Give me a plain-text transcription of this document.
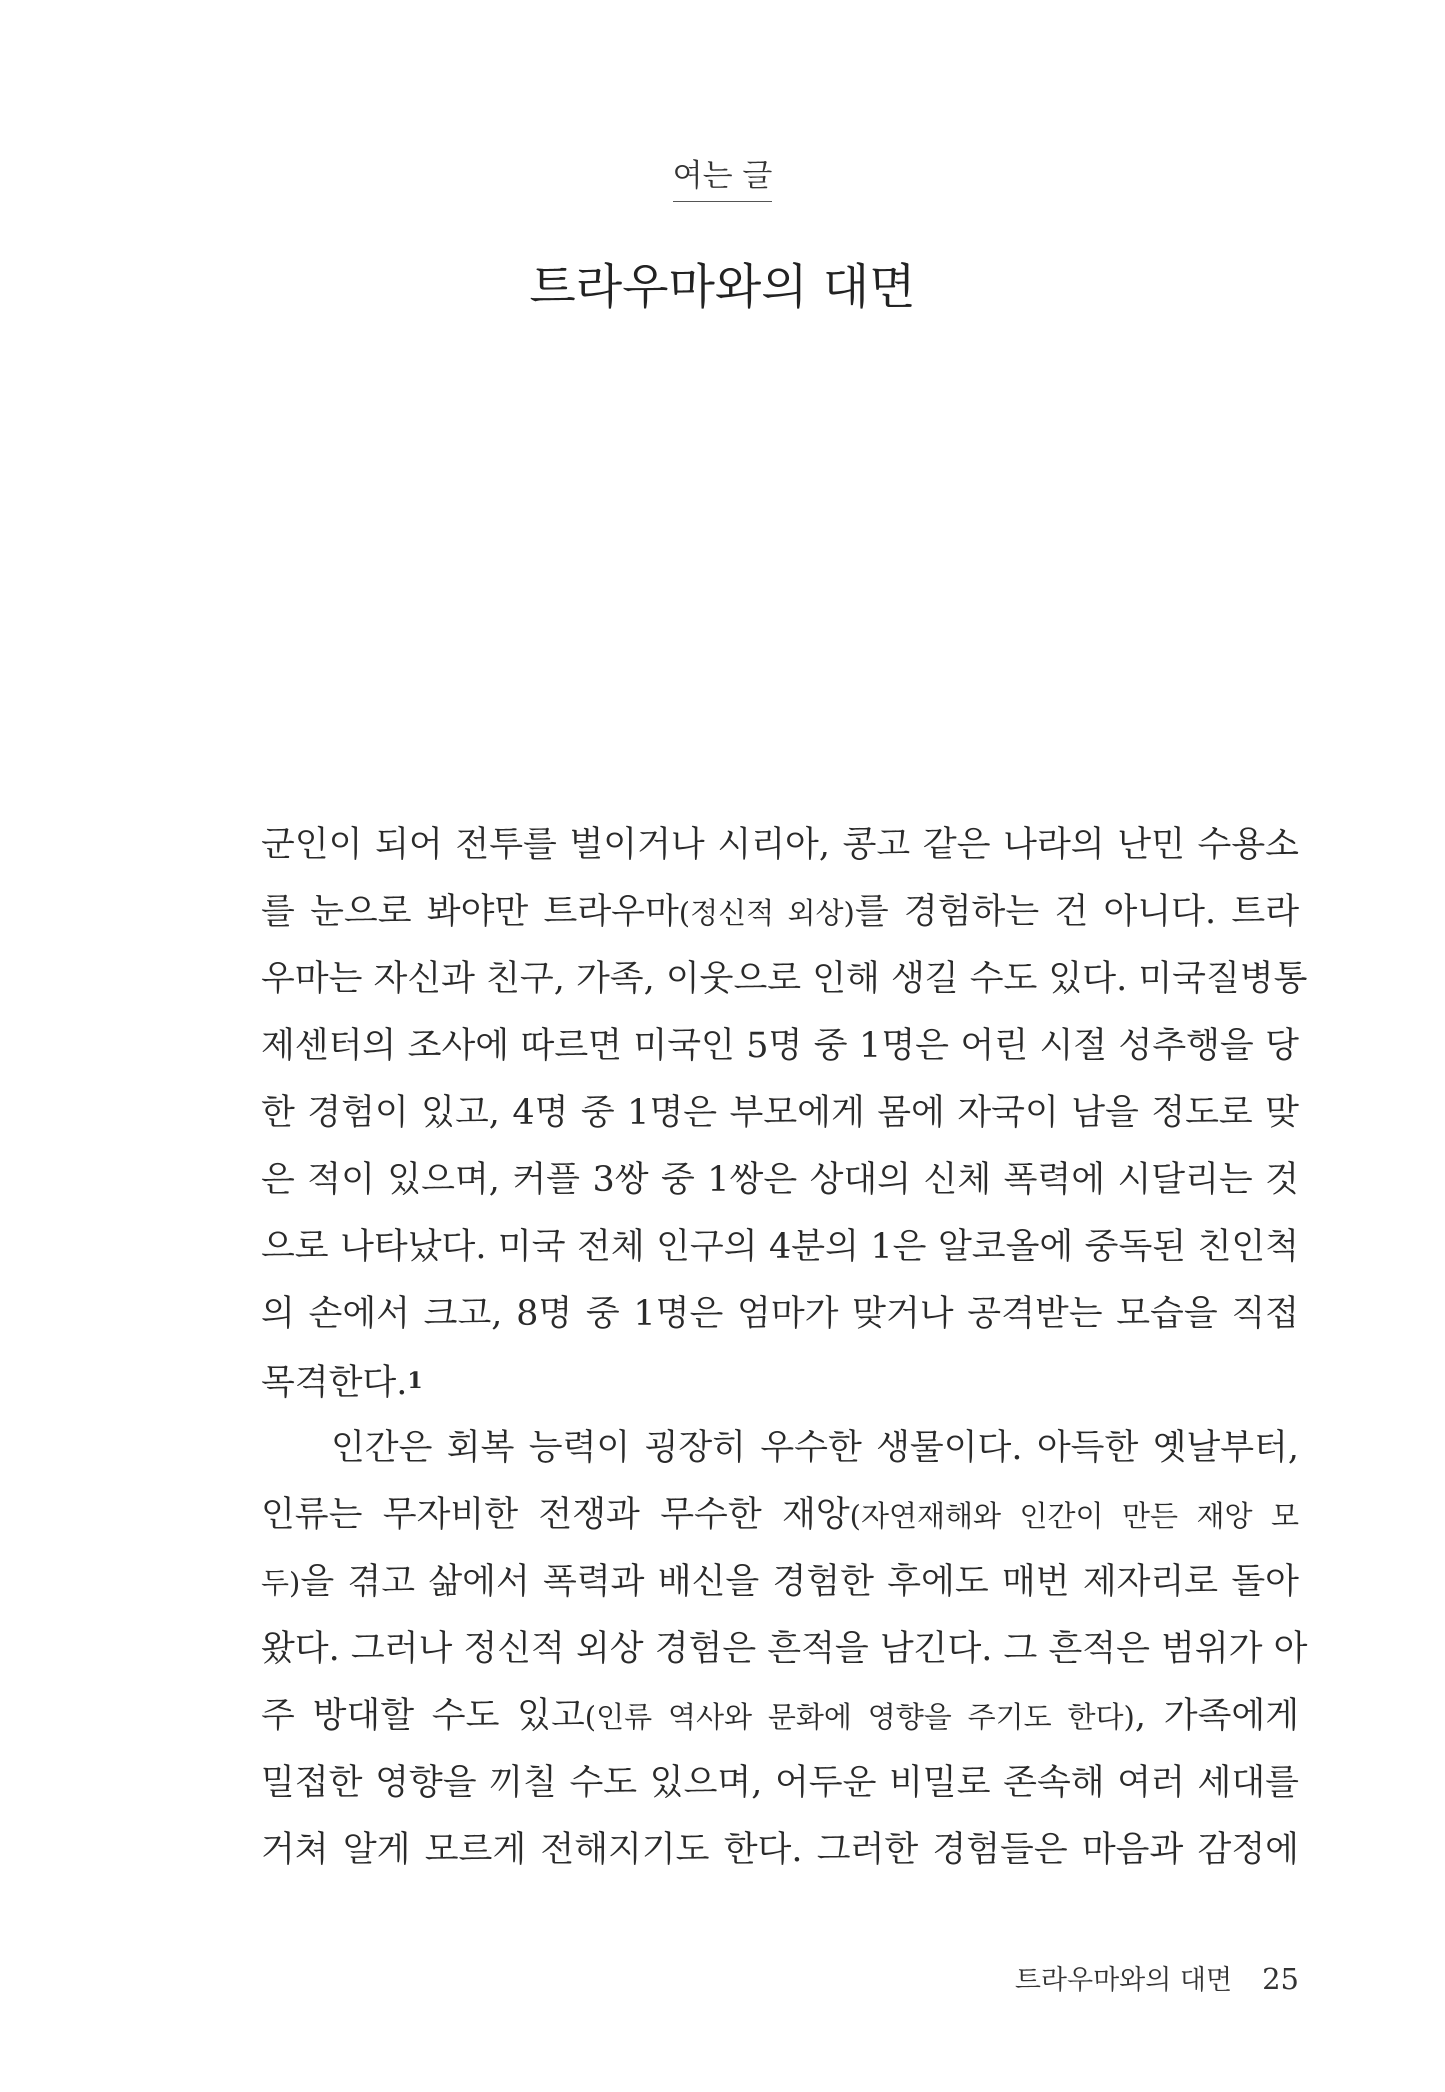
여는 글
트라우마와의 대면
군인이 되어 전투를 벌이거나 시리아, 콩고 같은 나라의 난민 수용소
를 눈으로 봐야만 트라우마(정신적 외상)를 경험하는 건 아니다. 트라
우마는 자신과 친구, 가족, 이웃으로 인해 생길 수도 있다. 미국질병통
제센터의 조사에 따르면 미국인 5명 중 1명은 어린 시절 성추행을 당
한 경험이 있고, 4명 중 1명은 부모에게 몸에 자국이 남을 정도로 맞
은 적이 있으며, 커플 3쌍 중 1쌍은 상대의 신체 폭력에 시달리는 것
으로 나타났다. 미국 전체 인구의 4분의 1은 알코올에 중독된 친인척
의 손에서 크고, 8명 중 1명은 엄마가 맞거나 공격받는 모습을 직접
목격한다.1
인간은 회복 능력이 굉장히 우수한 생물이다. 아득한 옛날부터,
인류는 무자비한 전쟁과 무수한 재앙(자연재해와 인간이 만든 재앙 모
두)을 겪고 삶에서 폭력과 배신을 경험한 후에도 매번 제자리로 돌아
왔다. 그러나 정신적 외상 경험은 흔적을 남긴다. 그 흔적은 범위가 아
주 방대할 수도 있고(인류 역사와 문화에 영향을 주기도 한다), 가족에게
밀접한 영향을 끼칠 수도 있으며, 어두운 비밀로 존속해 여러 세대를
거쳐 알게 모르게 전해지기도 한다. 그러한 경험들은 마음과 감정에
트라우마와의 대면 25
